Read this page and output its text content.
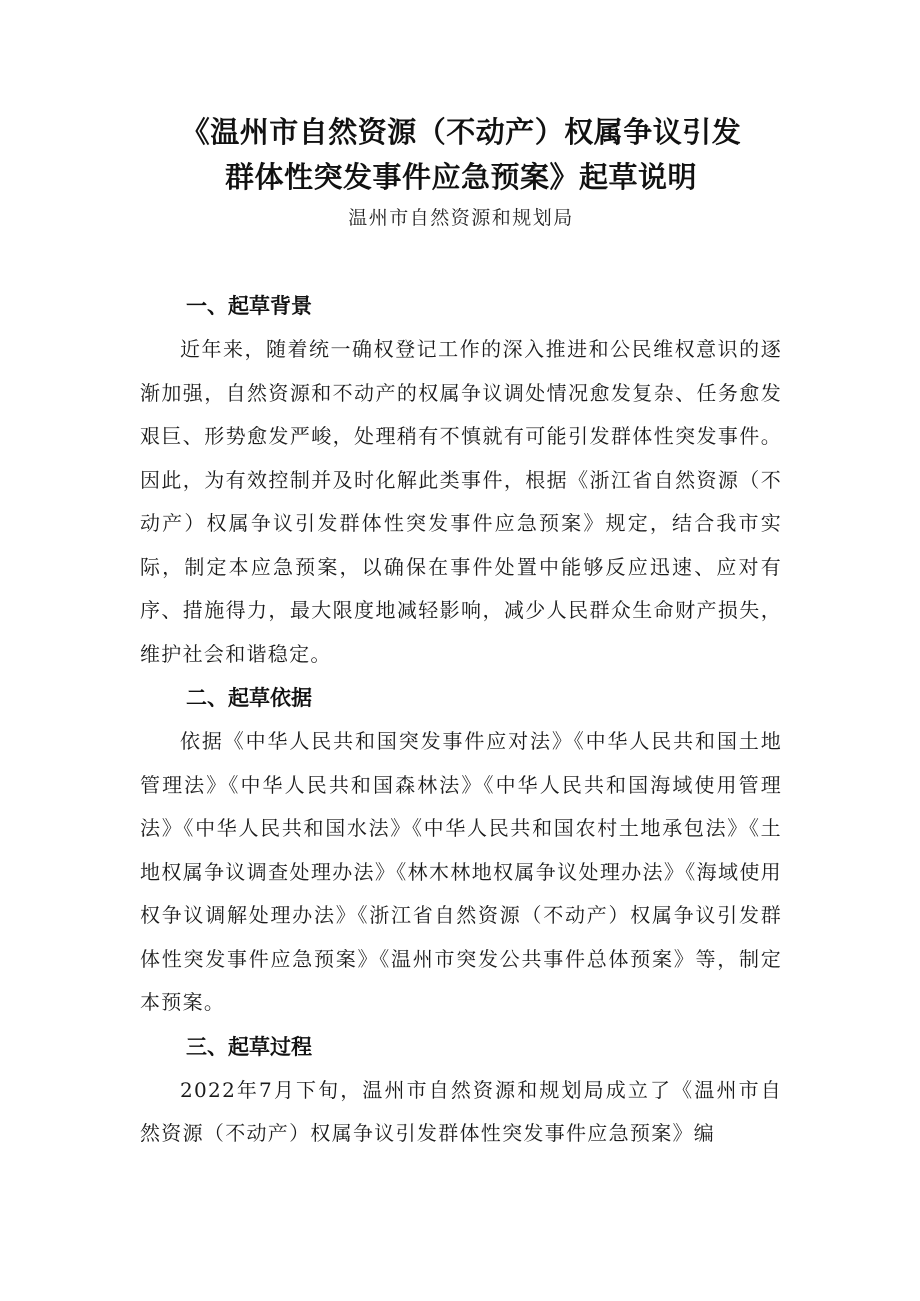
《温州市自然资源（不动产）权属争议引发
群体性突发事件应急预案》起草说明
温州市自然资源和规划局
一、起草背景

近年来，随着统一确权登记工作的深入推进和公民维权意识的逐渐加强，自然资源和不动产的权属争议调处情况愈发复杂、任务愈发艰巨、形势愈发严峻，处理稍有不慎就有可能引发群体性突发事件。因此，为有效控制并及时化解此类事件，根据《浙江省自然资源（不动产）权属争议引发群体性突发事件应急预案》规定，结合我市实际，制定本应急预案，以确保在事件处置中能够反应迅速、应对有序、措施得力，最大限度地减轻影响，减少人民群众生命财产损失，维护社会和谐稳定。

二、起草依据

依据《中华人民共和国突发事件应对法》《中华人民共和国土地管理法》《中华人民共和国森林法》《中华人民共和国海域使用管理法》《中华人民共和国水法》《中华人民共和国农村土地承包法》《土地权属争议调查处理办法》《林木林地权属争议处理办法》《海域使用权争议调解处理办法》《浙江省自然资源（不动产）权属争议引发群体性突发事件应急预案》《温州市突发公共事件总体预案》等，制定本预案。

三、起草过程

2022年7月下旬，温州市自然资源和规划局成立了《温州市自然资源（不动产）权属争议引发群体性突发事件应急预案》编
